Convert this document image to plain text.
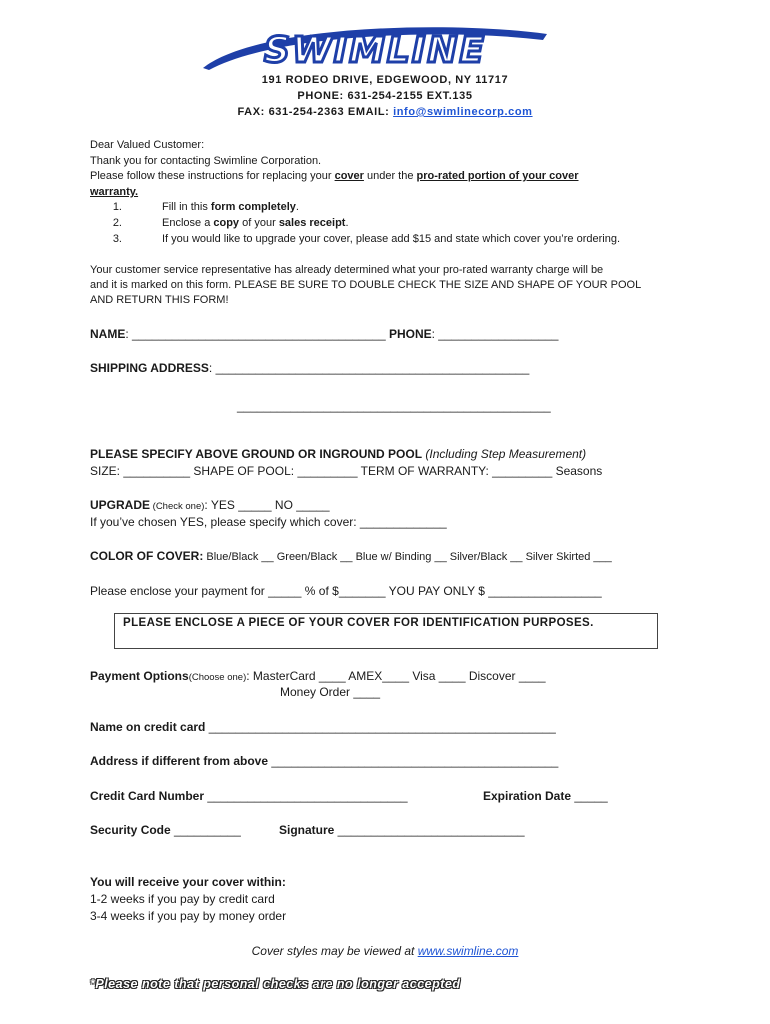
SWIMLINE
191 RODEO DRIVE, EDGEWOOD, NY 11717
PHONE: 631-254-2155 EXT.135
FAX: 631-254-2363 EMAIL: info@swimlinecorp.com
Dear Valued Customer:
Thank you for contacting Swimline Corporation.
Please follow these instructions for replacing your cover under the pro-rated portion of your cover
warranty.
1.	Fill in this form completely.
2.	Enclose a copy of your sales receipt.
3.	If you would like to upgrade your cover, please add $15 and state which cover you’re ordering.
Your customer service representative has already determined what your pro-rated warranty charge will be
and it is marked on this form. PLEASE BE SURE TO DOUBLE CHECK THE SIZE AND SHAPE OF YOUR POOL
AND RETURN THIS FORM!
NAME: ______________________________________ PHONE: __________________
SHIPPING ADDRESS: _______________________________________________
_______________________________________________
PLEASE SPECIFY ABOVE GROUND OR INGROUND POOL (Including Step Measurement)
SIZE: __________ SHAPE OF POOL: _________ TERM OF WARRANTY: _________ Seasons
UPGRADE (Check one): YES _____ NO _____
If you’ve chosen YES, please specify which cover: _____________
COLOR OF COVER: Blue/Black __ Green/Black __ Blue w/ Binding __ Silver/Black __ Silver Skirted ___
Please enclose your payment for _____ % of $_______ YOU PAY ONLY $ _________________
PLEASE ENCLOSE A PIECE OF YOUR COVER FOR IDENTIFICATION PURPOSES.
Payment Options(Choose one): MasterCard ____ AMEX____ Visa ____ Discover ____
Money Order ____
Name on credit card ____________________________________________________
Address if different from above ___________________________________________
Credit Card Number ______________________________	Expiration Date _____
Security Code __________	Signature ____________________________
You will receive your cover within:
1-2 weeks if you pay by credit card
3-4 weeks if you pay by money order
Cover styles may be viewed at www.swimline.com
*Please note that personal checks are no longer accepted
